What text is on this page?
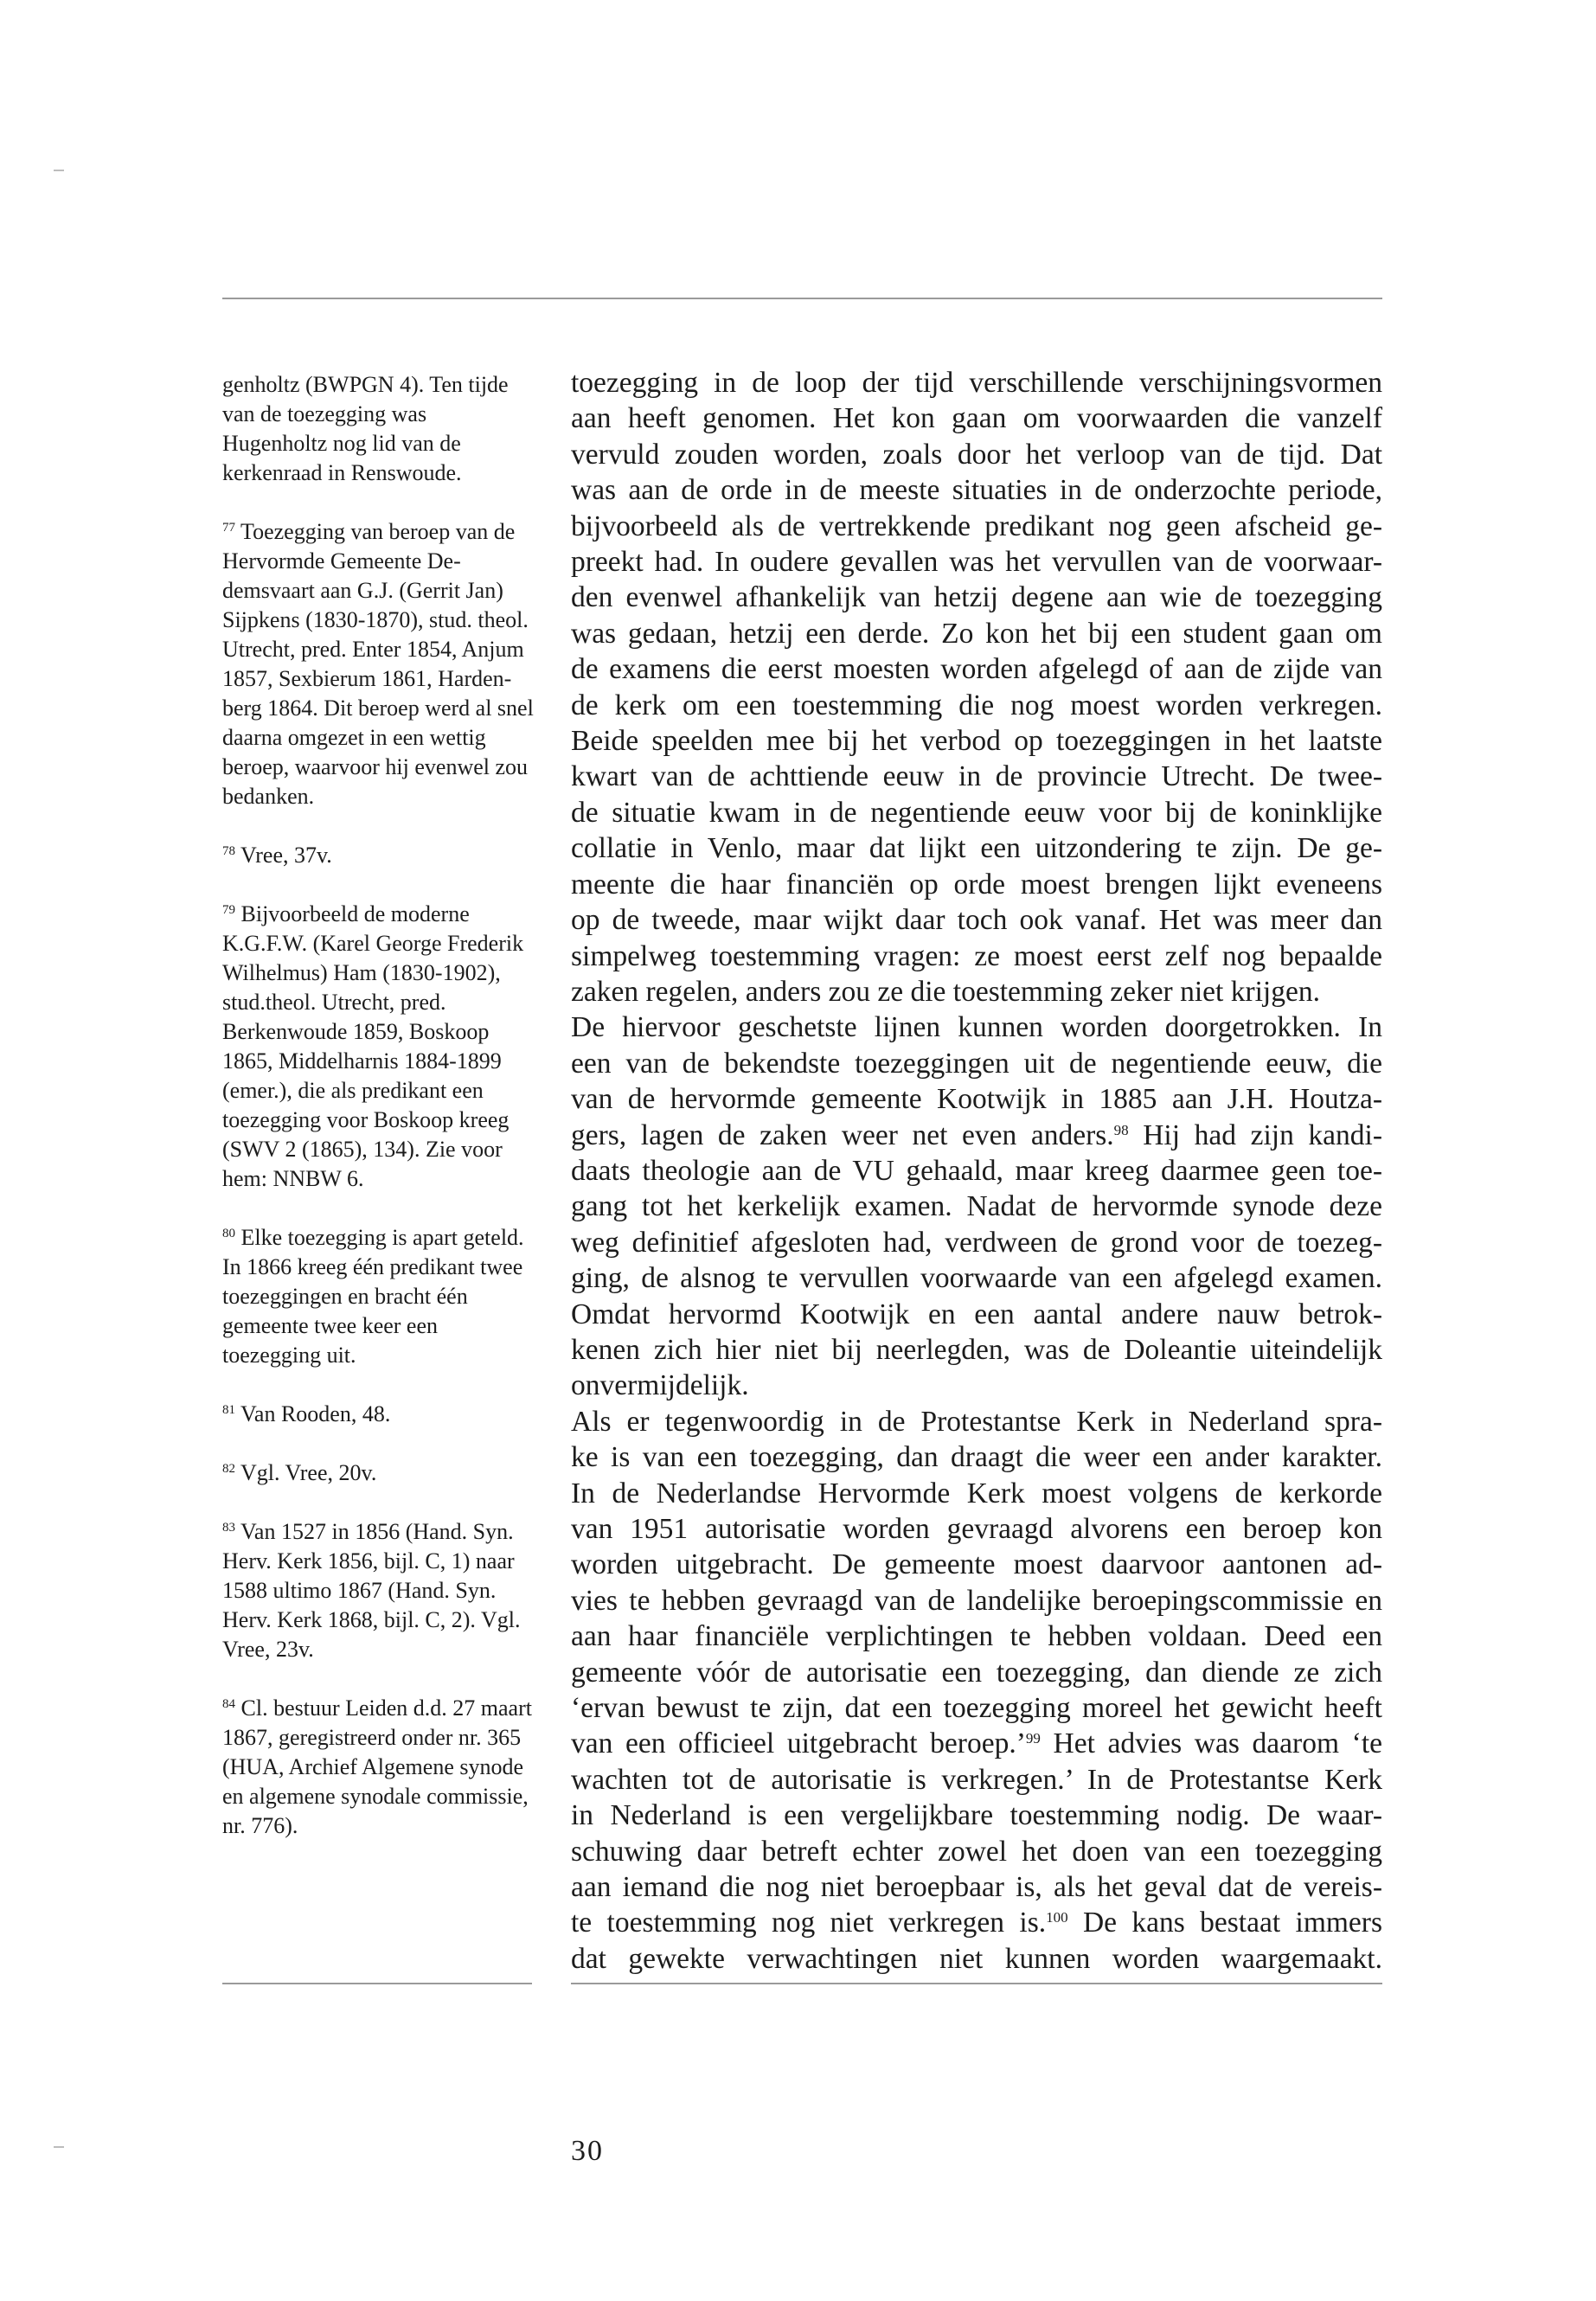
genholtz (BWPGN 4). Ten tijde van de toezegging was Hugenholtz nog lid van de kerkenraad in Renswoude.
$^{77}$ Toezegging van beroep van de Hervormde Gemeente Dedemsvaart aan G.J. (Gerrit Jan) Sijpkens (1830-1870), stud. theol. Utrecht, pred. Enter 1854, Anjum 1857, Sexbierum 1861, Hardenberg 1864. Dit beroep werd al snel daarna omgezet in een wettig beroep, waarvoor hij evenwel zou bedanken.
$^{78}$ Vree, 37v.
$^{79}$ Bijvoorbeeld de moderne K.G.F.W. (Karel George Frederik Wilhelmus) Ham (1830-1902), stud.theol. Utrecht, pred. Berkenwoude 1859, Boskoop 1865, Middelharnis 1884-1899 (emer.), die als predikant een toezegging voor Boskoop kreeg (SWV 2 (1865), 134). Zie voor hem: NNBW 6.
$^{80}$ Elke toezegging is apart geteld. In 1866 kreeg één predikant twee toezeggingen en bracht één gemeente twee keer een toezegging uit.
$^{81}$ Van Rooden, 48.
$^{82}$ Vgl. Vree, 20v.
$^{83}$ Van 1527 in 1856 (Hand. Syn. Herv. Kerk 1856, bijl. C, 1) naar 1588 ultimo 1867 (Hand. Syn. Herv. Kerk 1868, bijl. C, 2). Vgl. Vree, 23v.
$^{84}$ Cl. bestuur Leiden d.d. 27 maart 1867, geregistreerd onder nr. 365 (HUA, Archief Algemene synode en algemene synodale commissie, nr. 776).

toezegging in de loop der tijd verschillende verschijningsvormen
aan heeft genomen. Het kon gaan om voorwaarden die vanzelf
vervuld zouden worden, zoals door het verloop van de tijd. Dat
was aan de orde in de meeste situaties in de onderzochte periode,
bijvoorbeeld als de vertrekkende predikant nog geen afscheid ge-
preekt had. In oudere gevallen was het vervullen van de voorwaar-
den evenwel afhankelijk van hetzij degene aan wie de toezegging
was gedaan, hetzij een derde. Zo kon het bij een student gaan om
de examens die eerst moesten worden afgelegd of aan de zijde van
de kerk om een toestemming die nog moest worden verkregen.
Beide speelden mee bij het verbod op toezeggingen in het laatste
kwart van de achttiende eeuw in de provincie Utrecht. De twee-
de situatie kwam in de negentiende eeuw voor bij de koninklijke
collatie in Venlo, maar dat lijkt een uitzondering te zijn. De ge-
meente die haar financiën op orde moest brengen lijkt eveneens
op de tweede, maar wijkt daar toch ook vanaf. Het was meer dan
simpelweg toestemming vragen: ze moest eerst zelf nog bepaalde
zaken regelen, anders zou ze die toestemming zeker niet krijgen.

De hiervoor geschetste lijnen kunnen worden doorgetrokken. In
een van de bekendste toezeggingen uit de negentiende eeuw, die
van de hervormde gemeente Kootwijk in 1885 aan J.H. Houtza-
gers, lagen de zaken weer net even anders.$^{98}$ Hij had zijn kandi-
daats theologie aan de VU gehaald, maar kreeg daarmee geen toe-
gang tot het kerkelijk examen. Nadat de hervormde synode deze
weg definitief afgesloten had, verdween de grond voor de toezeg-
ging, de alsnog te vervullen voorwaarde van een afgelegd examen.
Omdat hervormd Kootwijk en een aantal andere nauw betrok-
kenen zich hier niet bij neerlegden, was de Doleantie uiteindelijk
onvermijdelijk.

Als er tegenwoordig in de Protestantse Kerk in Nederland spra-
ke is van een toezegging, dan draagt die weer een ander karakter.
In de Nederlandse Hervormde Kerk moest volgens de kerkorde
van 1951 autorisatie worden gevraagd alvorens een beroep kon
worden uitgebracht. De gemeente moest daarvoor aantonen ad-
vies te hebben gevraagd van de landelijke beroepingscommissie en
aan haar financiële verplichtingen te hebben voldaan. Deed een
gemeente vóór de autorisatie een toezegging, dan diende ze zich
‘ervan bewust te zijn, dat een toezegging moreel het gewicht heeft
van een officieel uitgebracht beroep.’$^{99}$ Het advies was daarom ‘te
wachten tot de autorisatie is verkregen.’ In de Protestantse Kerk
in Nederland is een vergelijkbare toestemming nodig. De waar-
schuwing daar betreft echter zowel het doen van een toezegging
aan iemand die nog niet beroepbaar is, als het geval dat de vereis-
te toestemming nog niet verkregen is.$^{100}$ De kans bestaat immers
dat gewekte verwachtingen niet kunnen worden waargemaakt.

30
